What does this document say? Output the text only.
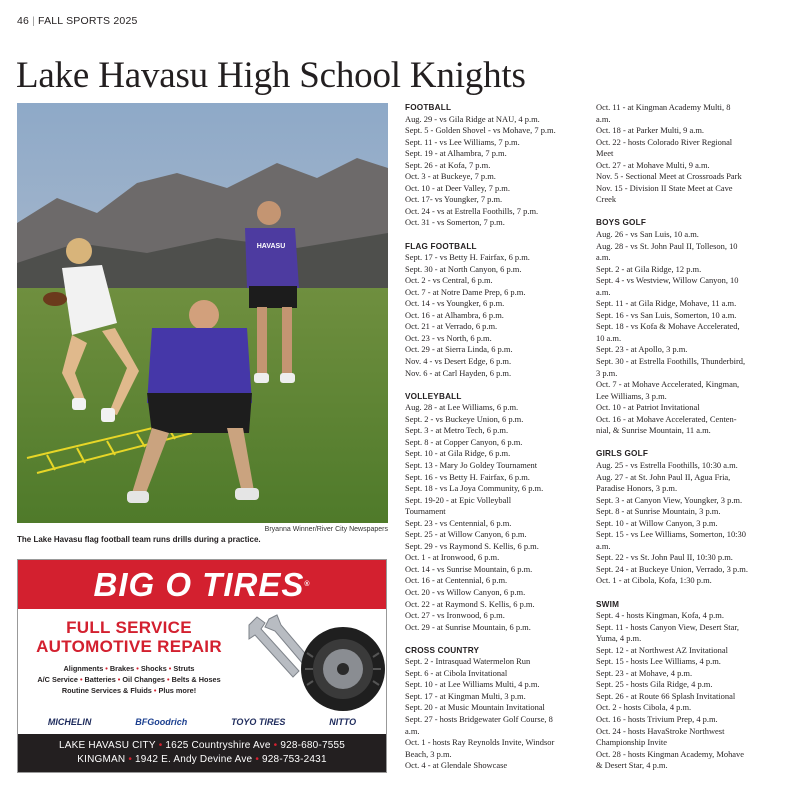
46 | FALL SPORTS 2025
Lake Havasu High School Knights
HAVASU
Bryanna Winner/River City Newspapers
The Lake Havasu flag football team runs drills during a practice.
BIG O TIRES®
FULL SERVICE
AUTOMOTIVE REPAIR
Alignments • Brakes • Shocks • Struts
A/C Service • Batteries • Oil Changes • Belts & Hoses
Routine Services & Fluids • Plus more!
MICHELIN	BFGoodrich	TOYO TIRES	NITTO
LAKE HAVASU CITY • 1625 Countryshire Ave • 928-680-7555
KINGMAN • 1942 E. Andy Devine Ave • 928-753-2431
FOOTBALL
Aug. 29 - vs Gila Ridge at NAU, 4 p.m.
Sept. 5 - Golden Shovel - vs Mohave, 7 p.m.
Sept. 11 - vs Lee Williams, 7 p.m.
Sept. 19 - at Alhambra, 7 p.m.
Sept. 26 - at Kofa, 7 p.m.
Oct. 3 - at Buckeye, 7 p.m.
Oct. 10 - at Deer Valley, 7 p.m.
Oct. 17- vs Youngker, 7 p.m.
Oct. 24 - vs at Estrella Foothills, 7 p.m.
Oct. 31 - vs Somerton, 7 p.m.
FLAG FOOTBALL
Sept. 17 - vs Betty H. Fairfax, 6 p.m.
Sept. 30 - at North Canyon, 6 p.m.
Oct. 2 - vs Central, 6 p.m.
Oct. 7 - at Notre Dame Prep, 6 p.m.
Oct. 14 - vs Youngker, 6 p.m.
Oct. 16 - at Alhambra, 6 p.m.
Oct. 21 - at Verrado, 6 p.m.
Oct. 23 - vs North, 6 p.m.
Oct. 29 - at Sierra Linda, 6 p.m.
Nov. 4 - vs Desert Edge, 6 p.m.
Nov. 6 - at Carl Hayden, 6 p.m.
VOLLEYBALL
Aug. 28 - at Lee Williams, 6 p.m.
Sept. 2 - vs Buckeye Union, 6 p.m.
Sept. 3 - at Metro Tech, 6 p.m.
Sept. 8 - at Copper Canyon, 6 p.m.
Sept. 10 - at Gila Ridge, 6 p.m.
Sept. 13 - Mary Jo Goldey Tournament
Sept. 16 - vs Betty H. Fairfax, 6 p.m.
Sept. 18 - vs La Joya Community, 6 p.m.
Sept. 19-20 - at Epic Volleyball
Tournament
Sept. 23 - vs Centennial, 6 p.m.
Sept. 25 - at Willow Canyon, 6 p.m.
Sept. 29 - vs Raymond S. Kellis, 6 p.m.
Oct. 1 - at Ironwood, 6 p.m.
Oct. 14 - vs Sunrise Mountain, 6 p.m.
Oct. 16 - at Centennial, 6 p.m.
Oct. 20 - vs Willow Canyon, 6 p.m.
Oct. 22 - at Raymond S. Kellis, 6 p.m.
Oct. 27 - vs Ironwood, 6 p.m.
Oct. 29 - at Sunrise Mountain, 6 p.m.
CROSS COUNTRY
Sept. 2 - Intrasquad Watermelon Run
Sept. 6 - at Cibola Invitational
Sept. 10 - at Lee Williams Multi, 4 p.m.
Sept. 17 - at Kingman Multi, 3 p.m.
Sept. 20 - at Music Mountain Invitational
Sept. 27 - hosts Bridgewater Golf Course, 8
a.m.
Oct. 1 - hosts Ray Reynolds Invite, Windsor
Beach, 3 p.m.
Oct. 4 - at Glendale Showcase
Oct. 11 - at Kingman Academy Multi, 8
a.m.
Oct. 18 - at Parker Multi, 9 a.m.
Oct. 22 - hosts Colorado River Regional
Meet
Oct. 27 - at Mohave Multi, 9 a.m.
Nov. 5 - Sectional Meet at Crossroads Park
Nov. 15 - Division II State Meet at Cave
Creek
BOYS GOLF
Aug. 26 - vs San Luis, 10 a.m.
Aug. 28 - vs St. John Paul II, Tolleson, 10
a.m.
Sept. 2 - at Gila Ridge, 12 p.m.
Sept. 4 - vs Westview, Willow Canyon, 10
a.m.
Sept. 11 - at Gila Ridge, Mohave, 11 a.m.
Sept. 16 - vs San Luis, Somerton, 10 a.m.
Sept. 18 - vs Kofa & Mohave Accelerated,
10 a.m.
Sept. 23 - at Apollo, 3 p.m.
Sept. 30 - at Estrella Foothills, Thunderbird,
3 p.m.
Oct. 7 - at Mohave Accelerated, Kingman,
Lee Williams, 3 p.m.
Oct. 10 - at Patriot Invitational
Oct. 16 - at Mohave Accelerated, Centen-
nial, & Sunrise Mountain, 11 a.m.
GIRLS GOLF
Aug. 25 - vs Estrella Foothills, 10:30 a.m.
Aug. 27 - at St. John Paul II, Agua Fria,
Paradise Honors, 3 p.m.
Sept. 3 - at Canyon View, Youngker, 3 p.m.
Sept. 8 - at Sunrise Mountain, 3 p.m.
Sept. 10 - at Willow Canyon, 3 p.m.
Sept. 15 - vs Lee Williams, Somerton, 10:30
a.m.
Sept. 22 - vs St. John Paul II, 10:30 p.m.
Sept. 24 - at Buckeye Union, Verrado, 3 p.m.
Oct. 1 - at Cibola, Kofa, 1:30 p.m.
SWIM
Sept. 4 - hosts Kingman, Kofa, 4 p.m.
Sept. 11 - hosts Canyon View, Desert Star,
Yuma, 4 p.m.
Sept. 12 - at Northwest AZ Invitational
Sept. 15 - hosts Lee Williams, 4 p.m.
Sept. 23 - at Mohave, 4 p.m.
Sept. 25 - hosts Gila Ridge, 4 p.m.
Sept. 26 - at Route 66 Splash Invitational
Oct. 2 - hosts Cibola, 4 p.m.
Oct. 16 - hosts Trivium Prep, 4 p.m.
Oct. 24 - hosts HavaStroke Northwest
Championship Invite
Oct. 28 - hosts Kingman Academy, Mohave
& Desert Star, 4 p.m.
